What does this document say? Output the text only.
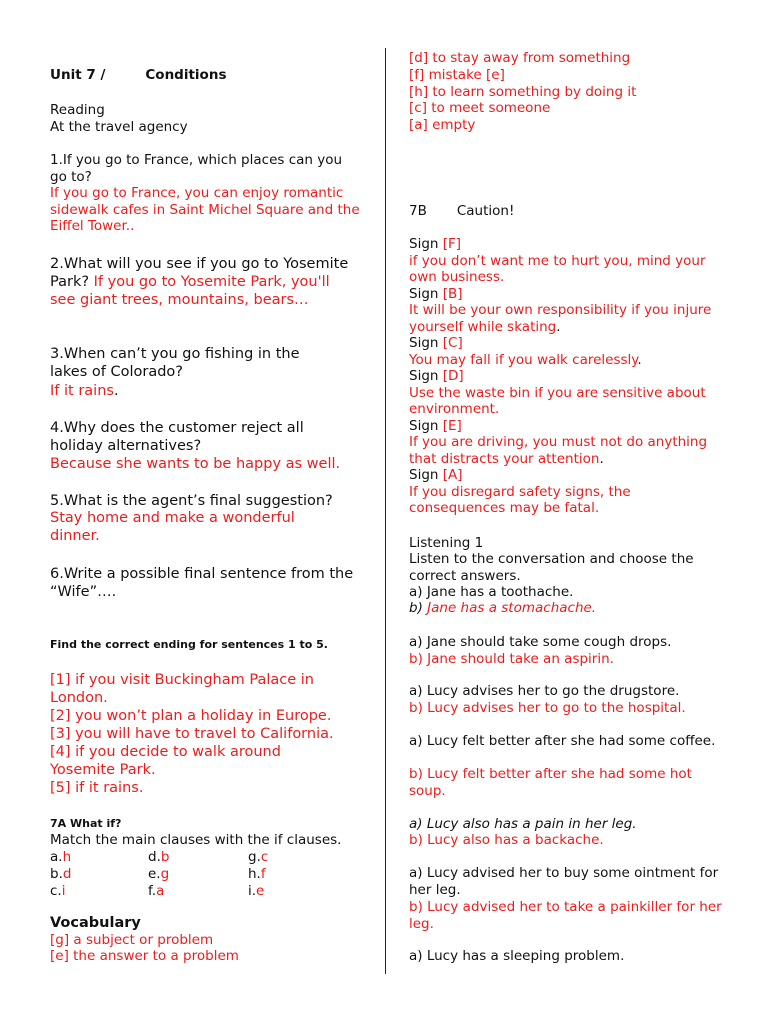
Unit 7 /	Conditions
Reading
At the travel agency
1.If you go to France, which places can you go to?
If you go to France, you can enjoy romantic sidewalk cafes in Saint Michel Square and the Eiffel Tower..
2.What will you see if you go to Yosemite Park? If you go to Yosemite Park, you'll see giant trees, mountains, bears…
3.When can’t you go fishing in the lakes of Colorado?
If it rains.
4.Why does the customer reject all holiday alternatives?
Because she wants to be happy as well.
5.What is the agent’s final suggestion?
Stay home and make a wonderful dinner.
6.Write a possible final sentence from the “Wife”….
Find the correct ending for sentences 1 to 5.
[1] if you visit Buckingham Palace in London.
[2] you won’t plan a holiday in Europe.
[3] you will have to travel to California.
[4] if you decide to walk around Yosemite Park.
[5] if it rains.
7A What if?
Match the main clauses with the if clauses.
a.h	d.b	g.c
b.d	e.g	h.f
c.i	f.a	i.e
Vocabulary
[g] a subject or problem
[e] the answer to a problem
[d] to stay away from something
[f] mistake [e]
[h] to learn something by doing it
[c] to meet someone
[a] empty
7B Caution!
Sign [F]
if you don’t want me to hurt you, mind your own business.
Sign [B]
It will be your own responsibility if you injure yourself while skating.
Sign [C]
You may fall if you walk carelessly.
Sign [D]
Use the waste bin if you are sensitive about environment.
Sign [E]
If you are driving, you must not do anything that distracts your attention.
Sign [A]
If you disregard safety signs, the consequences may be fatal.
Listening 1
Listen to the conversation and choose the correct answers.
a) Jane has a toothache.
b) Jane has a stomachache.
a) Jane should take some cough drops.
b) Jane should take an aspirin.
a) Lucy advises her to go the drugstore.
b) Lucy advises her to go to the hospital.
a) Lucy felt better after she had some coffee.
b) Lucy felt better after she had some hot soup.
a) Lucy also has a pain in her leg.
b) Lucy also has a backache.
a) Lucy advised her to buy some ointment for her leg.
b) Lucy advised her to take a painkiller for her leg.
a) Lucy has a sleeping problem.
